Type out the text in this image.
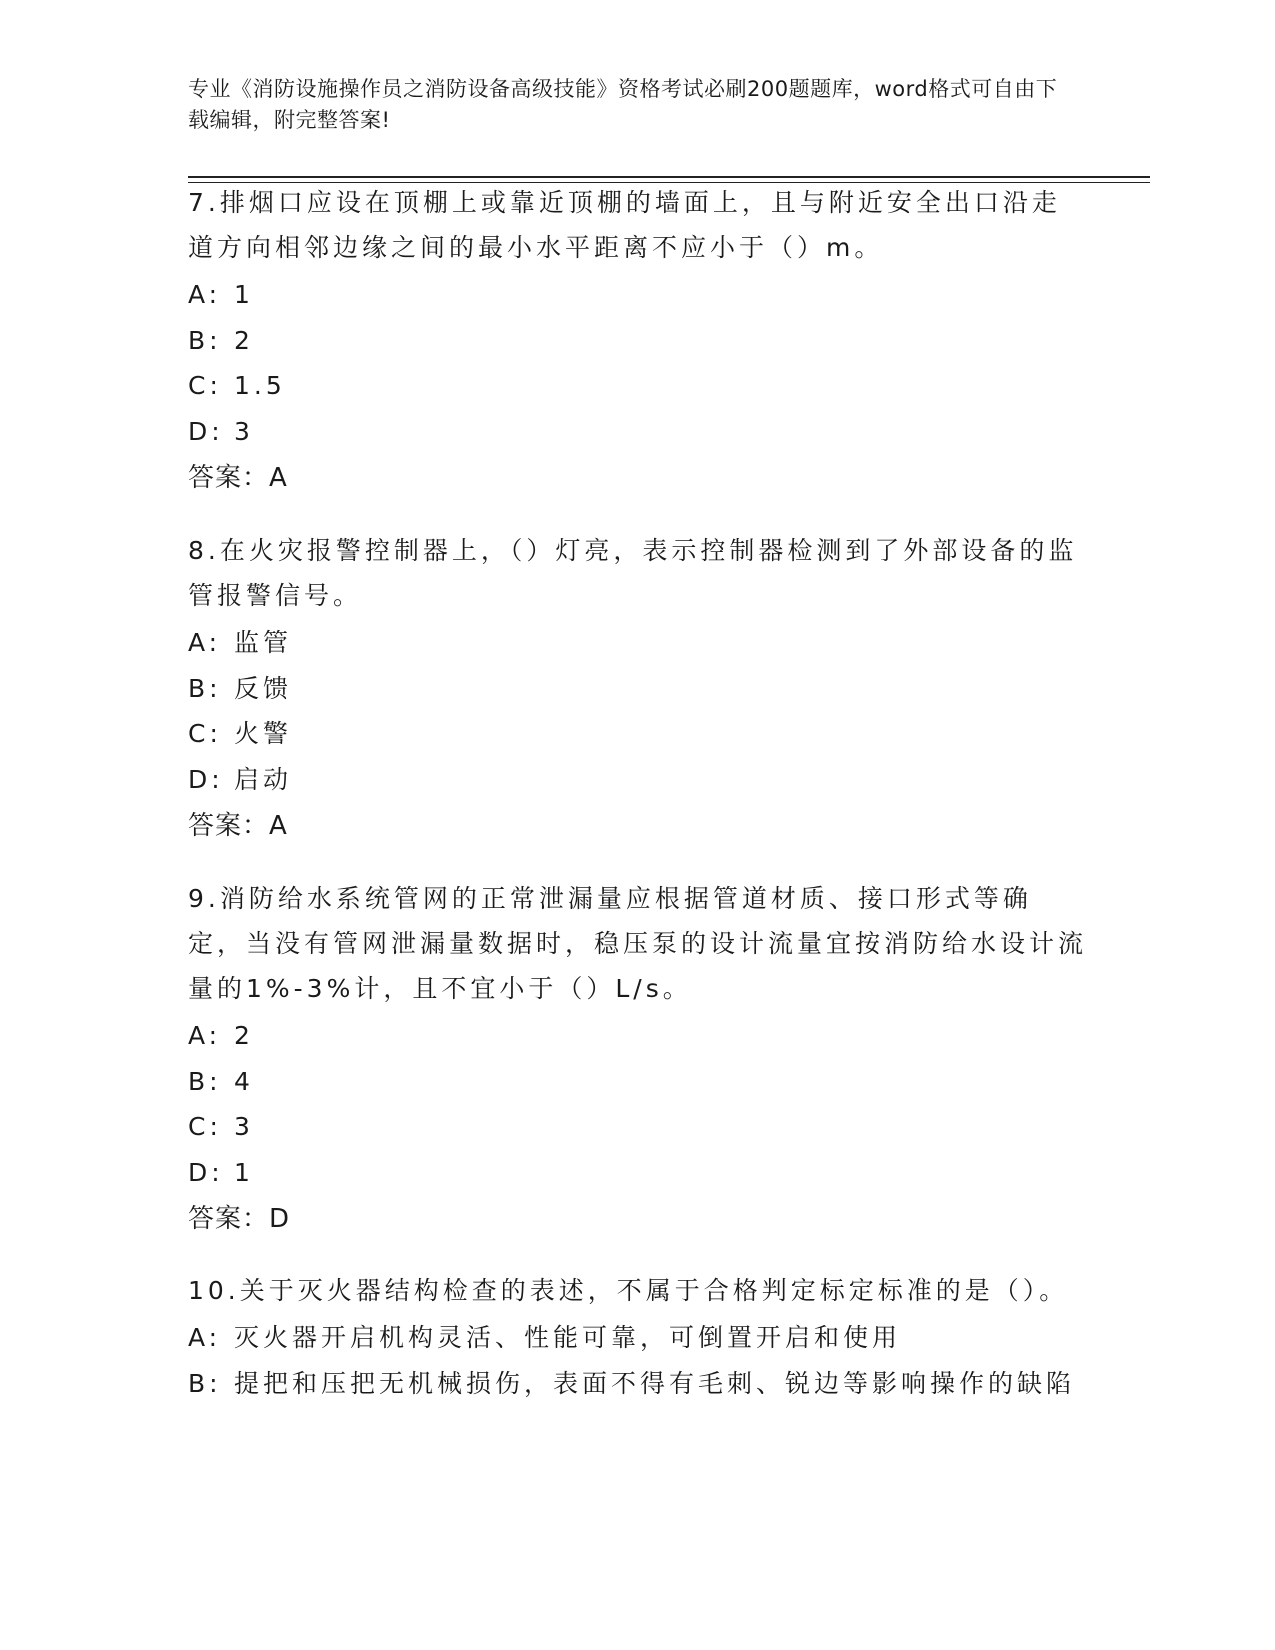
专业《消防设施操作员之消防设备高级技能》资格考试必刷200题题库，word格式可自由下载编辑，附完整答案!
7.排烟口应设在顶棚上或靠近顶棚的墙面上，且与附近安全出口沿走道方向相邻边缘之间的最小水平距离不应小于（）m。
A: 1
B: 2
C: 1.5
D: 3
答案：A
8.在火灾报警控制器上，（）灯亮，表示控制器检测到了外部设备的监管报警信号。
A: 监管
B: 反馈
C: 火警
D: 启动
答案：A
9.消防给水系统管网的正常泄漏量应根据管道材质、接口形式等确定，当没有管网泄漏量数据时，稳压泵的设计流量宜按消防给水设计流量的1%-3%计，且不宜小于（）L/s。
A: 2
B: 4
C: 3
D: 1
答案：D
10.关于灭火器结构检查的表述，不属于合格判定标定标准的是（）。
A: 灭火器开启机构灵活、性能可靠，可倒置开启和使用
B: 提把和压把无机械损伤，表面不得有毛刺、锐边等影响操作的缺陷
